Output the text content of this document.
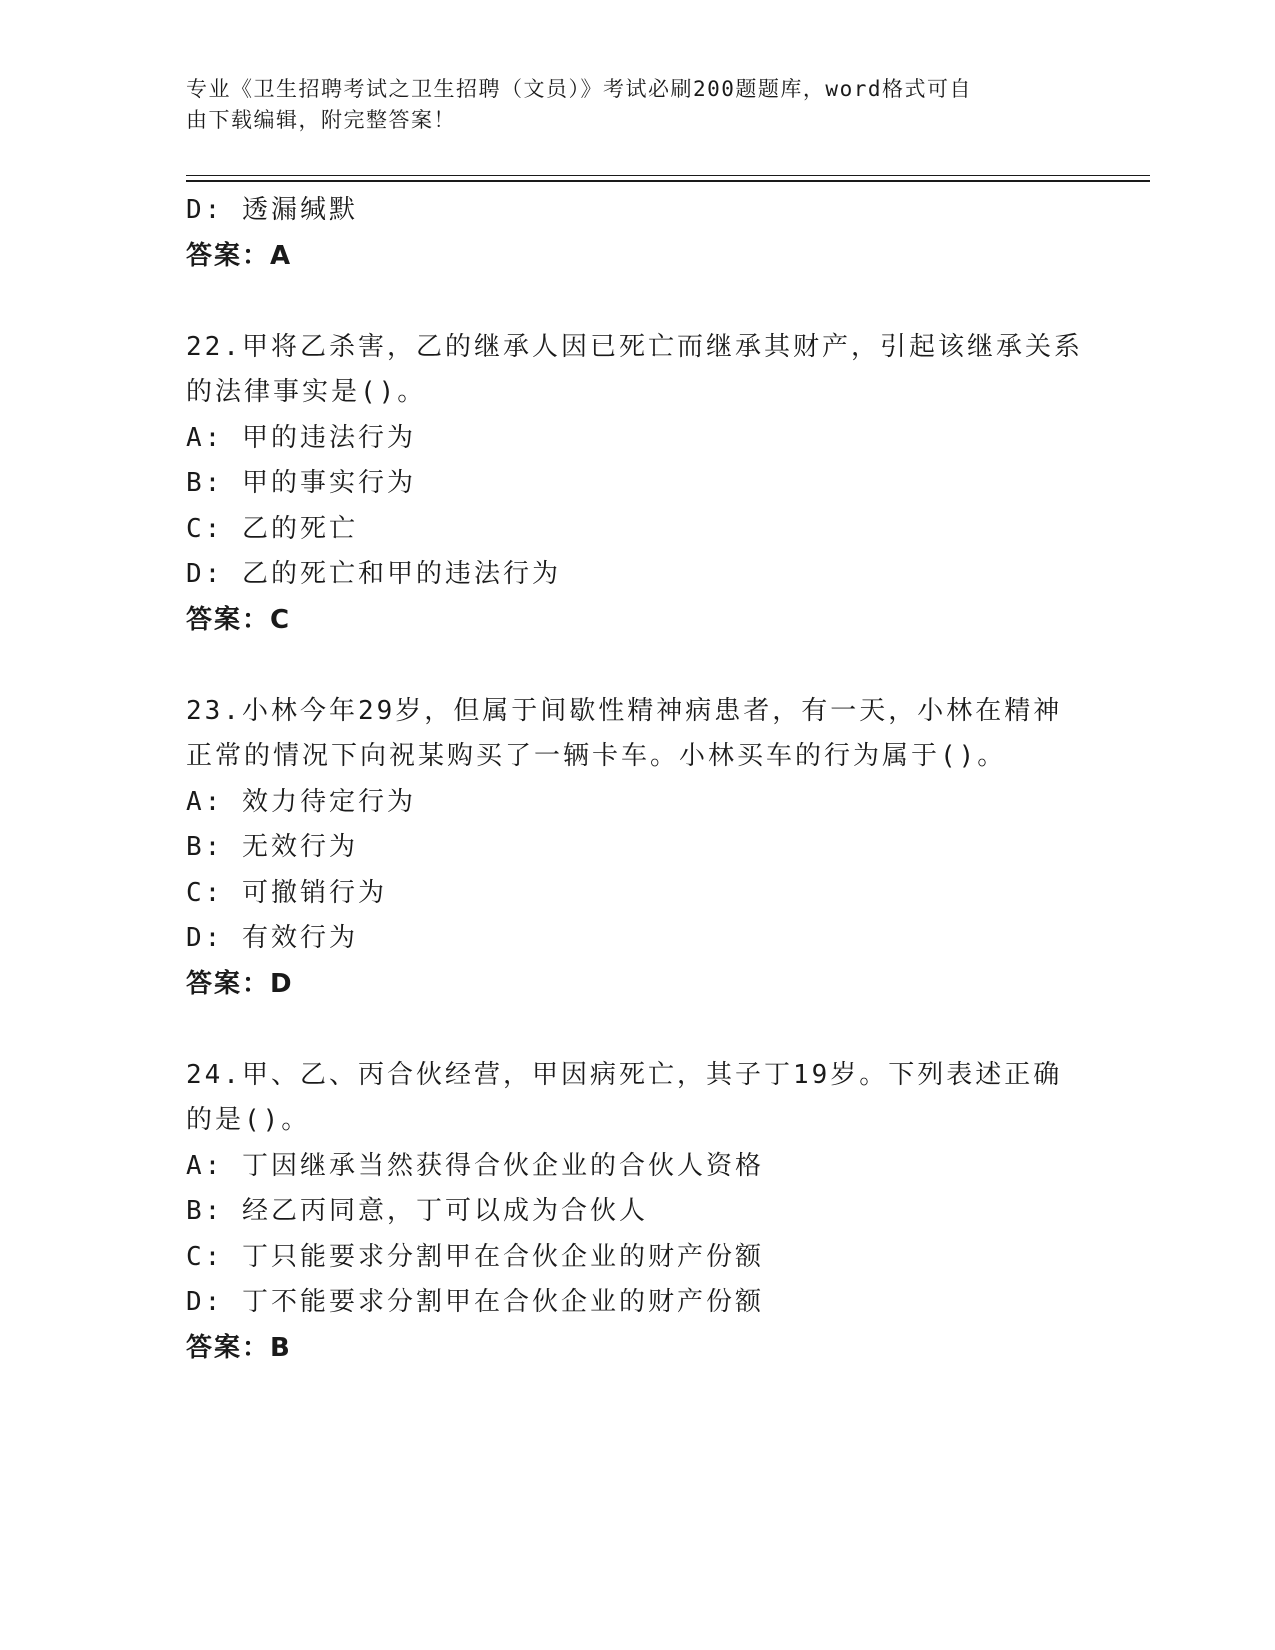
专业《卫生招聘考试之卫生招聘（文员）》考试必刷200题题库，word格式可自
由下载编辑，附完整答案！
D: 透漏缄默
答案：A
22.甲将乙杀害，乙的继承人因已死亡而继承其财产，引起该继承关系
的法律事实是()。
A: 甲的违法行为
B: 甲的事实行为
C: 乙的死亡
D: 乙的死亡和甲的违法行为
答案：C
23.小林今年29岁，但属于间歇性精神病患者，有一天，小林在精神
正常的情况下向祝某购买了一辆卡车。小林买车的行为属于()。
A: 效力待定行为
B: 无效行为
C: 可撤销行为
D: 有效行为
答案：D
24.甲、乙、丙合伙经营，甲因病死亡，其子丁19岁。下列表述正确
的是()。
A: 丁因继承当然获得合伙企业的合伙人资格
B: 经乙丙同意，丁可以成为合伙人
C: 丁只能要求分割甲在合伙企业的财产份额
D: 丁不能要求分割甲在合伙企业的财产份额
答案：B
